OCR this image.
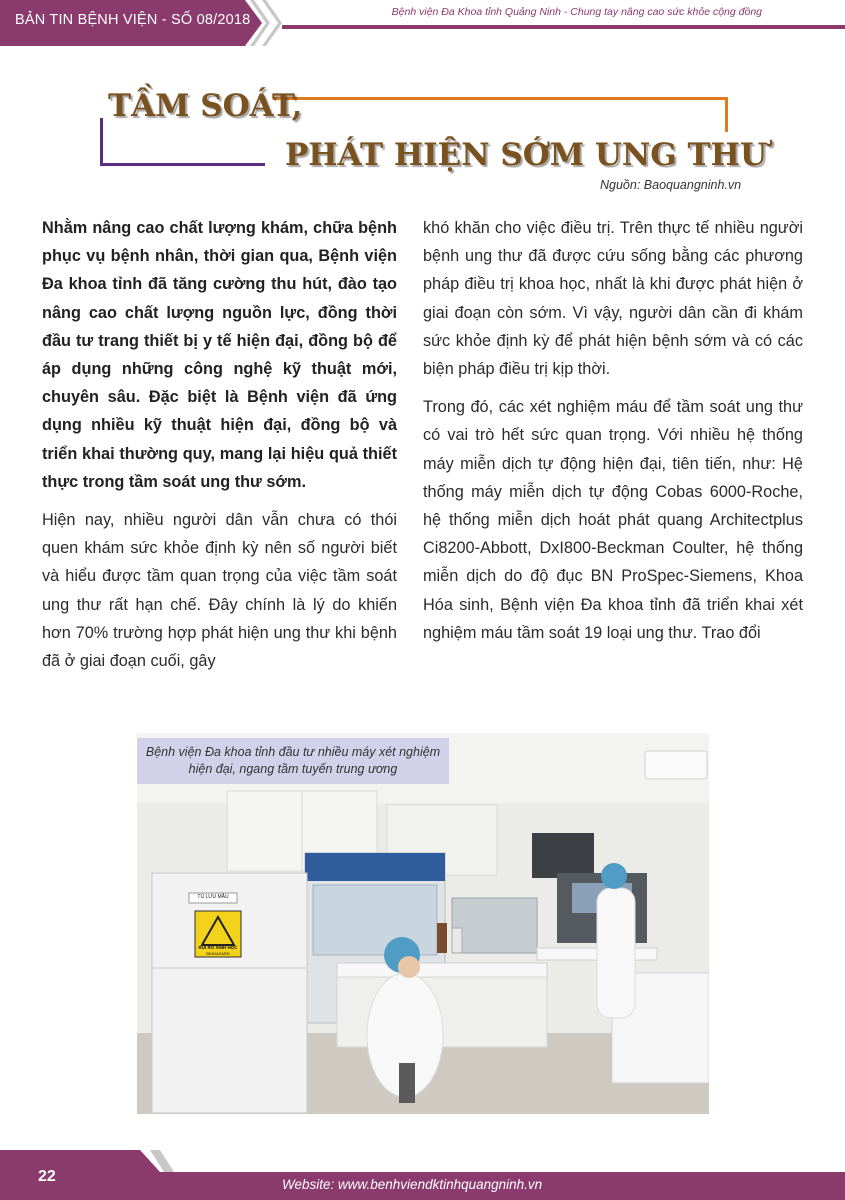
BẢN TIN BỆNH VIỆN - SỐ 08/2018	Bệnh viện Đa Khoa tỉnh Quảng Ninh - Chung tay nâng cao sức khỏe cộng đồng
TẦM SOÁT,
PHÁT HIỆN SỚM UNG THƯ
Nguồn: Baoquangninh.vn

Nhằm nâng cao chất lượng khám, chữa bệnh phục vụ bệnh nhân, thời gian qua, Bệnh viện Đa khoa tỉnh đã tăng cường thu hút, đào tạo nâng cao chất lượng nguồn lực, đồng thời đầu tư trang thiết bị y tế hiện đại, đồng bộ để áp dụng những công nghệ kỹ thuật mới, chuyên sâu. Đặc biệt là Bệnh viện đã ứng dụng nhiều kỹ thuật hiện đại, đồng bộ và triển khai thường quy, mang lại hiệu quả thiết thực trong tầm soát ung thư sớm.

Hiện nay, nhiều người dân vẫn chưa có thói quen khám sức khỏe định kỳ nên số người biết và hiểu được tầm quan trọng của việc tầm soát ung thư rất hạn chế. Đây chính là lý do khiến hơn 70% trường hợp phát hiện ung thư khi bệnh đã ở giai đoạn cuối, gây

khó khăn cho việc điều trị. Trên thực tế nhiều người bệnh ung thư đã được cứu sống bằng các phương pháp điều trị khoa học, nhất là khi được phát hiện ở giai đoạn còn sớm. Vì vậy, người dân cần đi khám sức khỏe định kỳ để phát hiện bệnh sớm và có các biện pháp điều trị kịp thời.

Trong đó, các xét nghiệm máu để tầm soát ung thư có vai trò hết sức quan trọng. Với nhiều hệ thống máy miễn dịch tự động hiện đại, tiên tiến, như: Hệ thống máy miễn dịch tự động Cobas 6000-Roche, hệ thống miễn dịch hoát phát quang Architectplus Ci8200-Abbott, DxI800-Beckman Coulter, hệ thống miễn dịch do độ đục BN ProSpec-Siemens, Khoa Hóa sinh, Bệnh viện Đa khoa tỉnh đã triển khai xét nghiệm máu tầm soát 19 loại ung thư. Trao đổi

TỦ LƯU MẪU
RỦI RO SINH HỌC
BIOHAZARD
Bệnh viện Đa khoa tỉnh đầu tư nhiều máy xét nghiệm hiện đại, ngang tầm tuyến trung ương
22	Website: www.benhviendktinhquangninh.vn
